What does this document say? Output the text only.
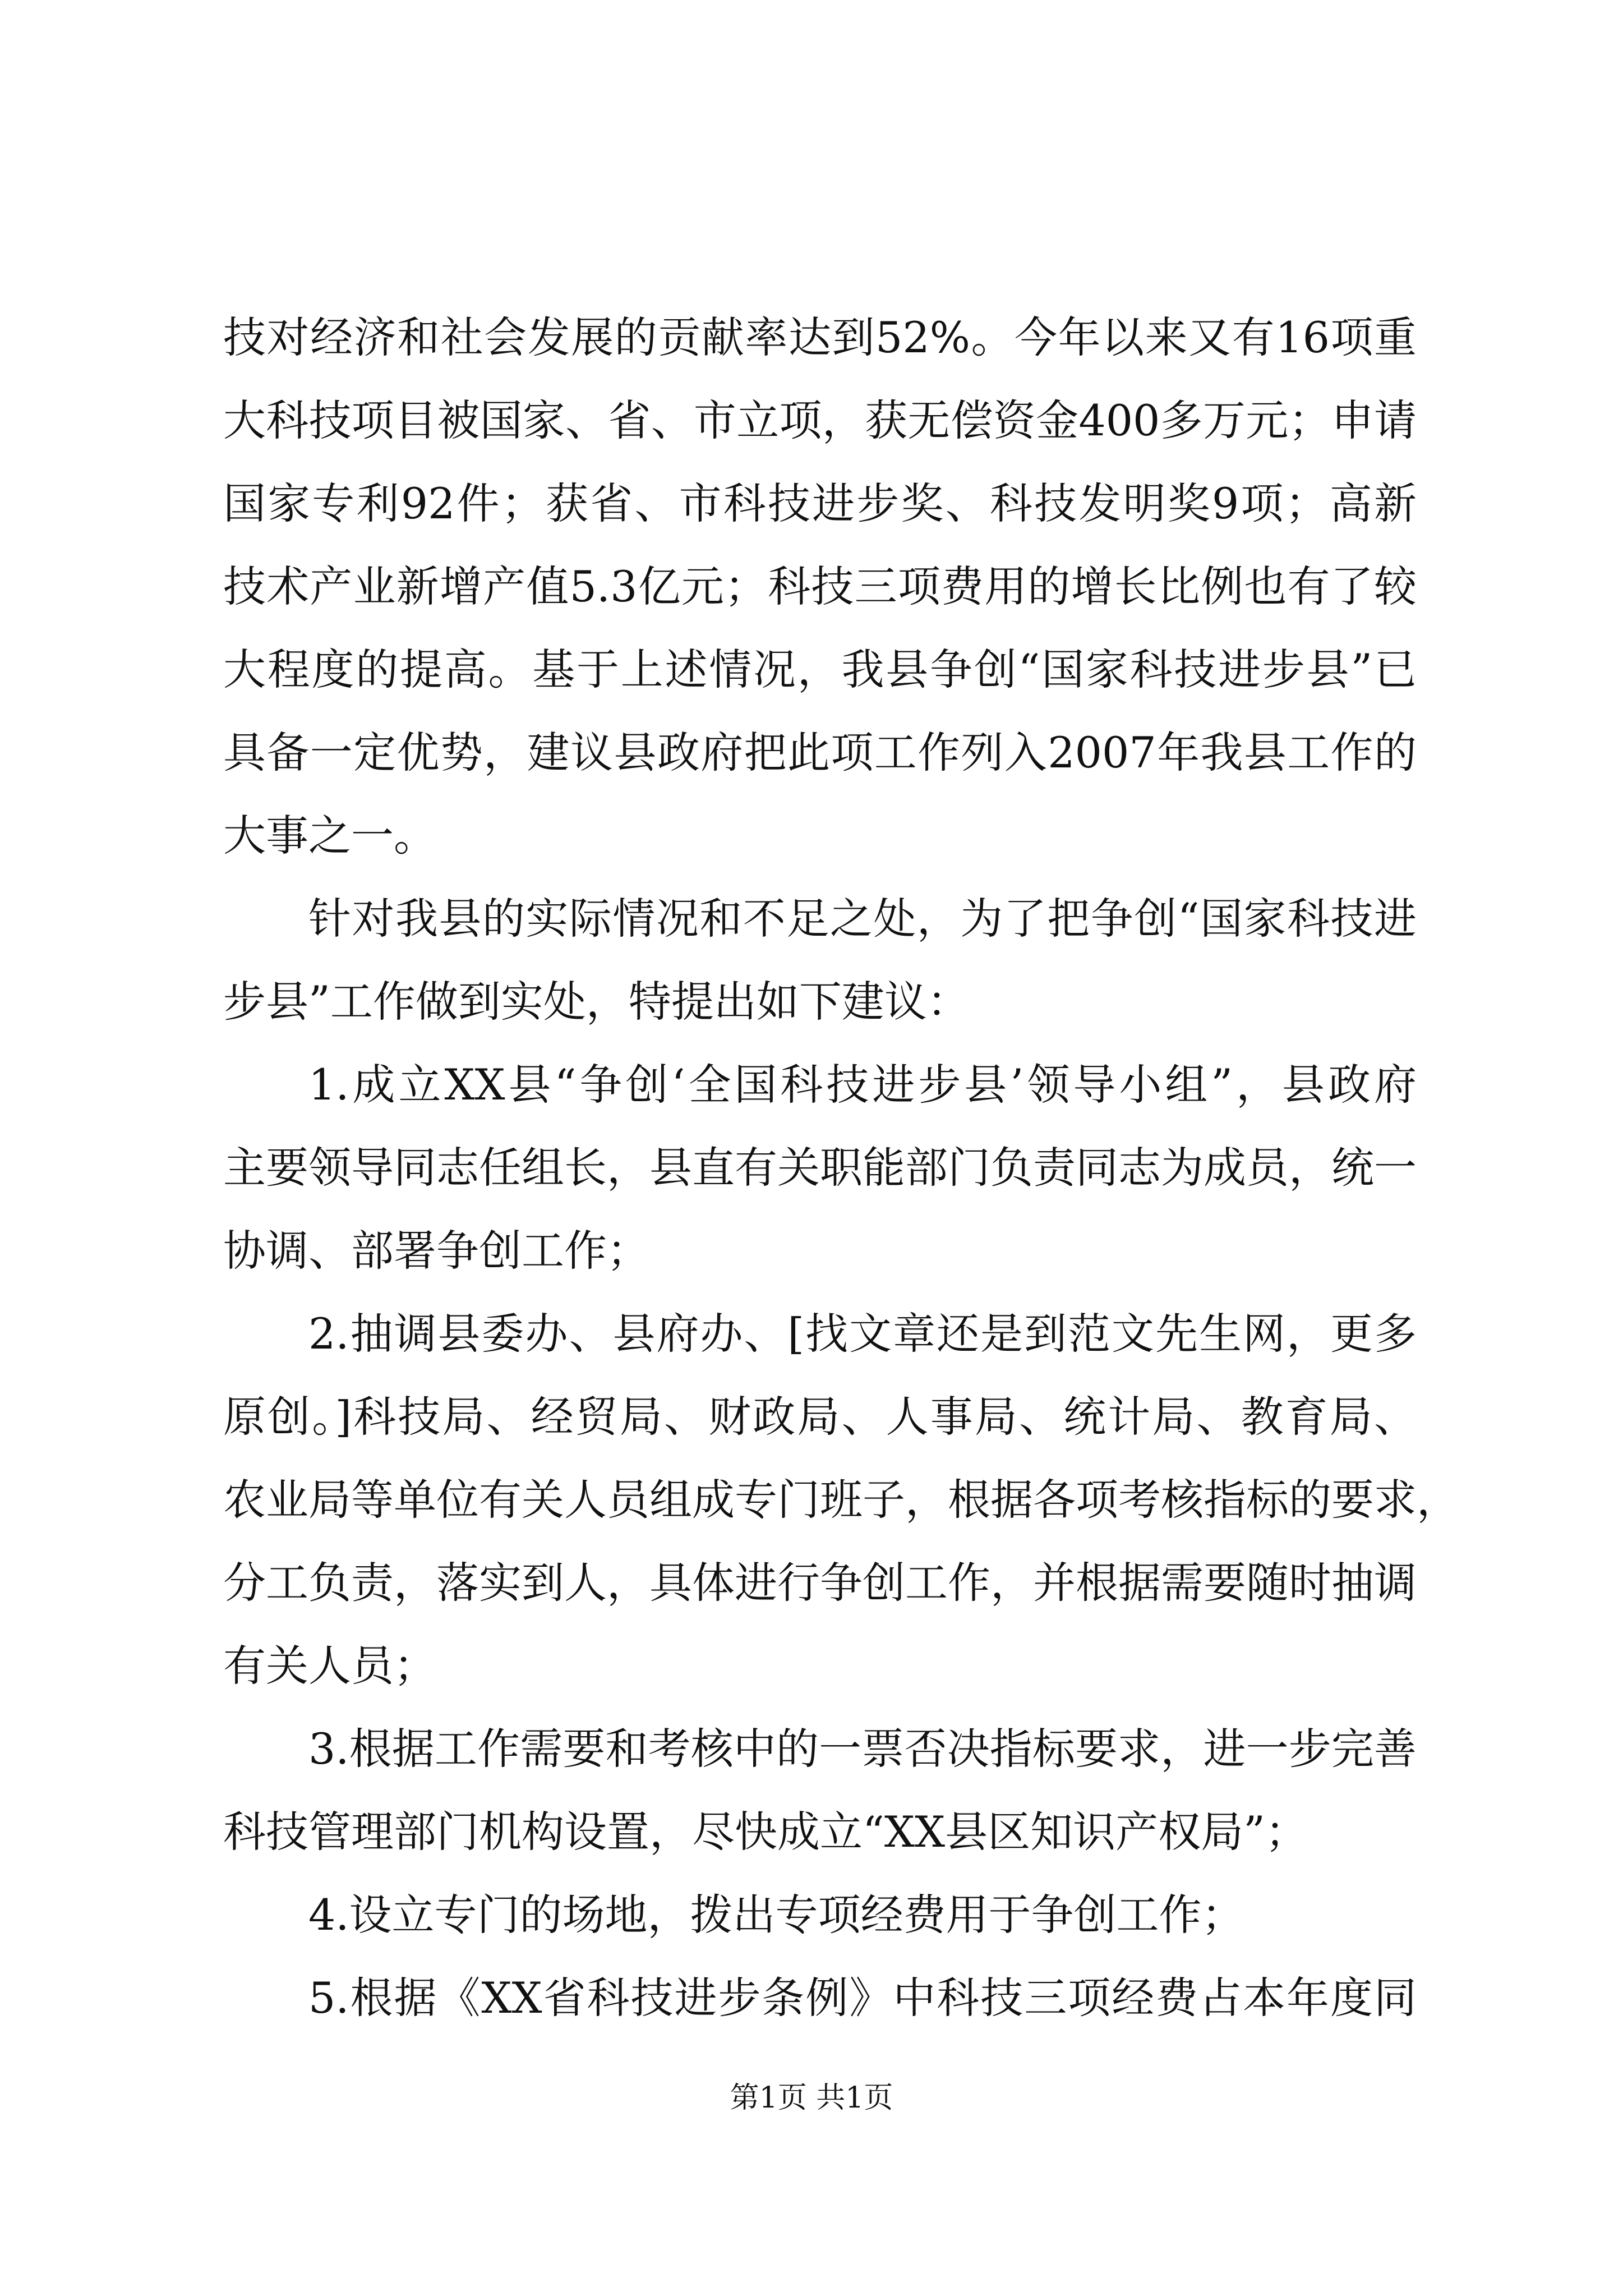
技对经济和社会发展的贡献率达到52%。今年以来又有16项重
大科技项目被国家、省、市立项，获无偿资金400多万元；申请
国家专利92件；获省、市科技进步奖、科技发明奖9项；高新
技术产业新增产值5.3亿元；科技三项费用的增长比例也有了较
大程度的提高。基于上述情况，我县争创“国家科技进步县”已
具备一定优势，建议县政府把此项工作列入2007年我县工作的
大事之一。
针对我县的实际情况和不足之处，为了把争创“国家科技进
步县”工作做到实处，特提出如下建议：
1.成立XX县“争创‘全国科技进步县’领导小组”，县政府
主要领导同志任组长，县直有关职能部门负责同志为成员，统一
协调、部署争创工作；
2.抽调县委办、县府办、[找文章还是到范文先生网，更多
原创。]科技局、经贸局、财政局、人事局、统计局、教育局、
农业局等单位有关人员组成专门班子，根据各项考核指标的要求，
分工负责，落实到人，具体进行争创工作，并根据需要随时抽调
有关人员；
3.根据工作需要和考核中的一票否决指标要求，进一步完善
科技管理部门机构设置，尽快成立“XX县区知识产权局”；
4.设立专门的场地，拨出专项经费用于争创工作；
5.根据《XX省科技进步条例》中科技三项经费占本年度同
第1页 共1页
